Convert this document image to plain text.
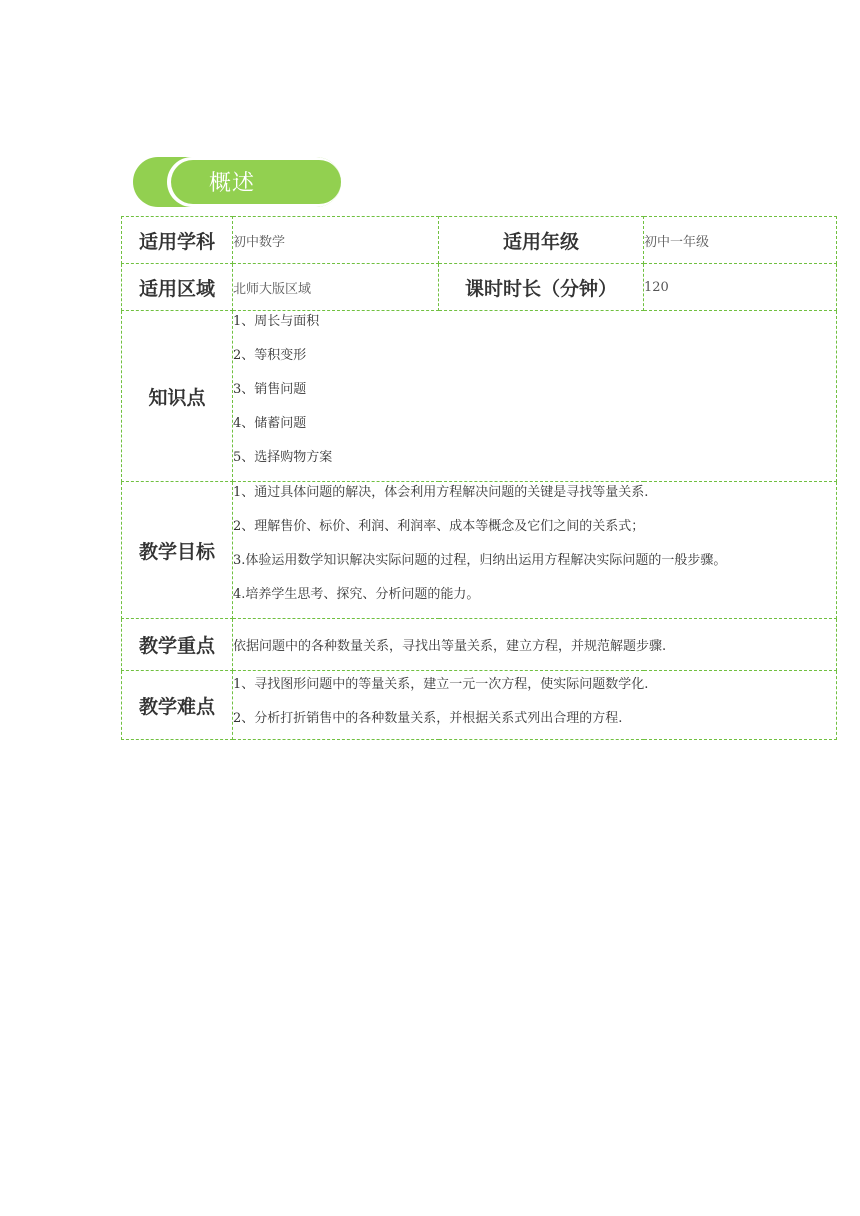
概述
适用学科	初中数学	适用年级	初中一年级
适用区域	北师大版区域	课时时长（分钟）	120
知识点	1、周长与面积
2、等积变形
3、销售问题
4、储蓄问题
5、选择购物方案		

教学目标	1、通过具体问题的解决，体会利用方程解决问题的关键是寻找等量关系.
2、理解售价、标价、利润、利润率、成本等概念及它们之间的关系式；
3.体验运用数学知识解决实际问题的过程，归纳出运用方程解决实际问题的一般步骤。
4.培养学生思考、探究、分析问题的能力。		

教学重点	依据问题中的各种数量关系，寻找出等量关系，建立方程，并规范解题步骤.		
教学难点	1、寻找图形问题中的等量关系，建立一元一次方程，使实际问题数学化.
2、分析打折销售中的各种数量关系，并根据关系式列出合理的方程.		
